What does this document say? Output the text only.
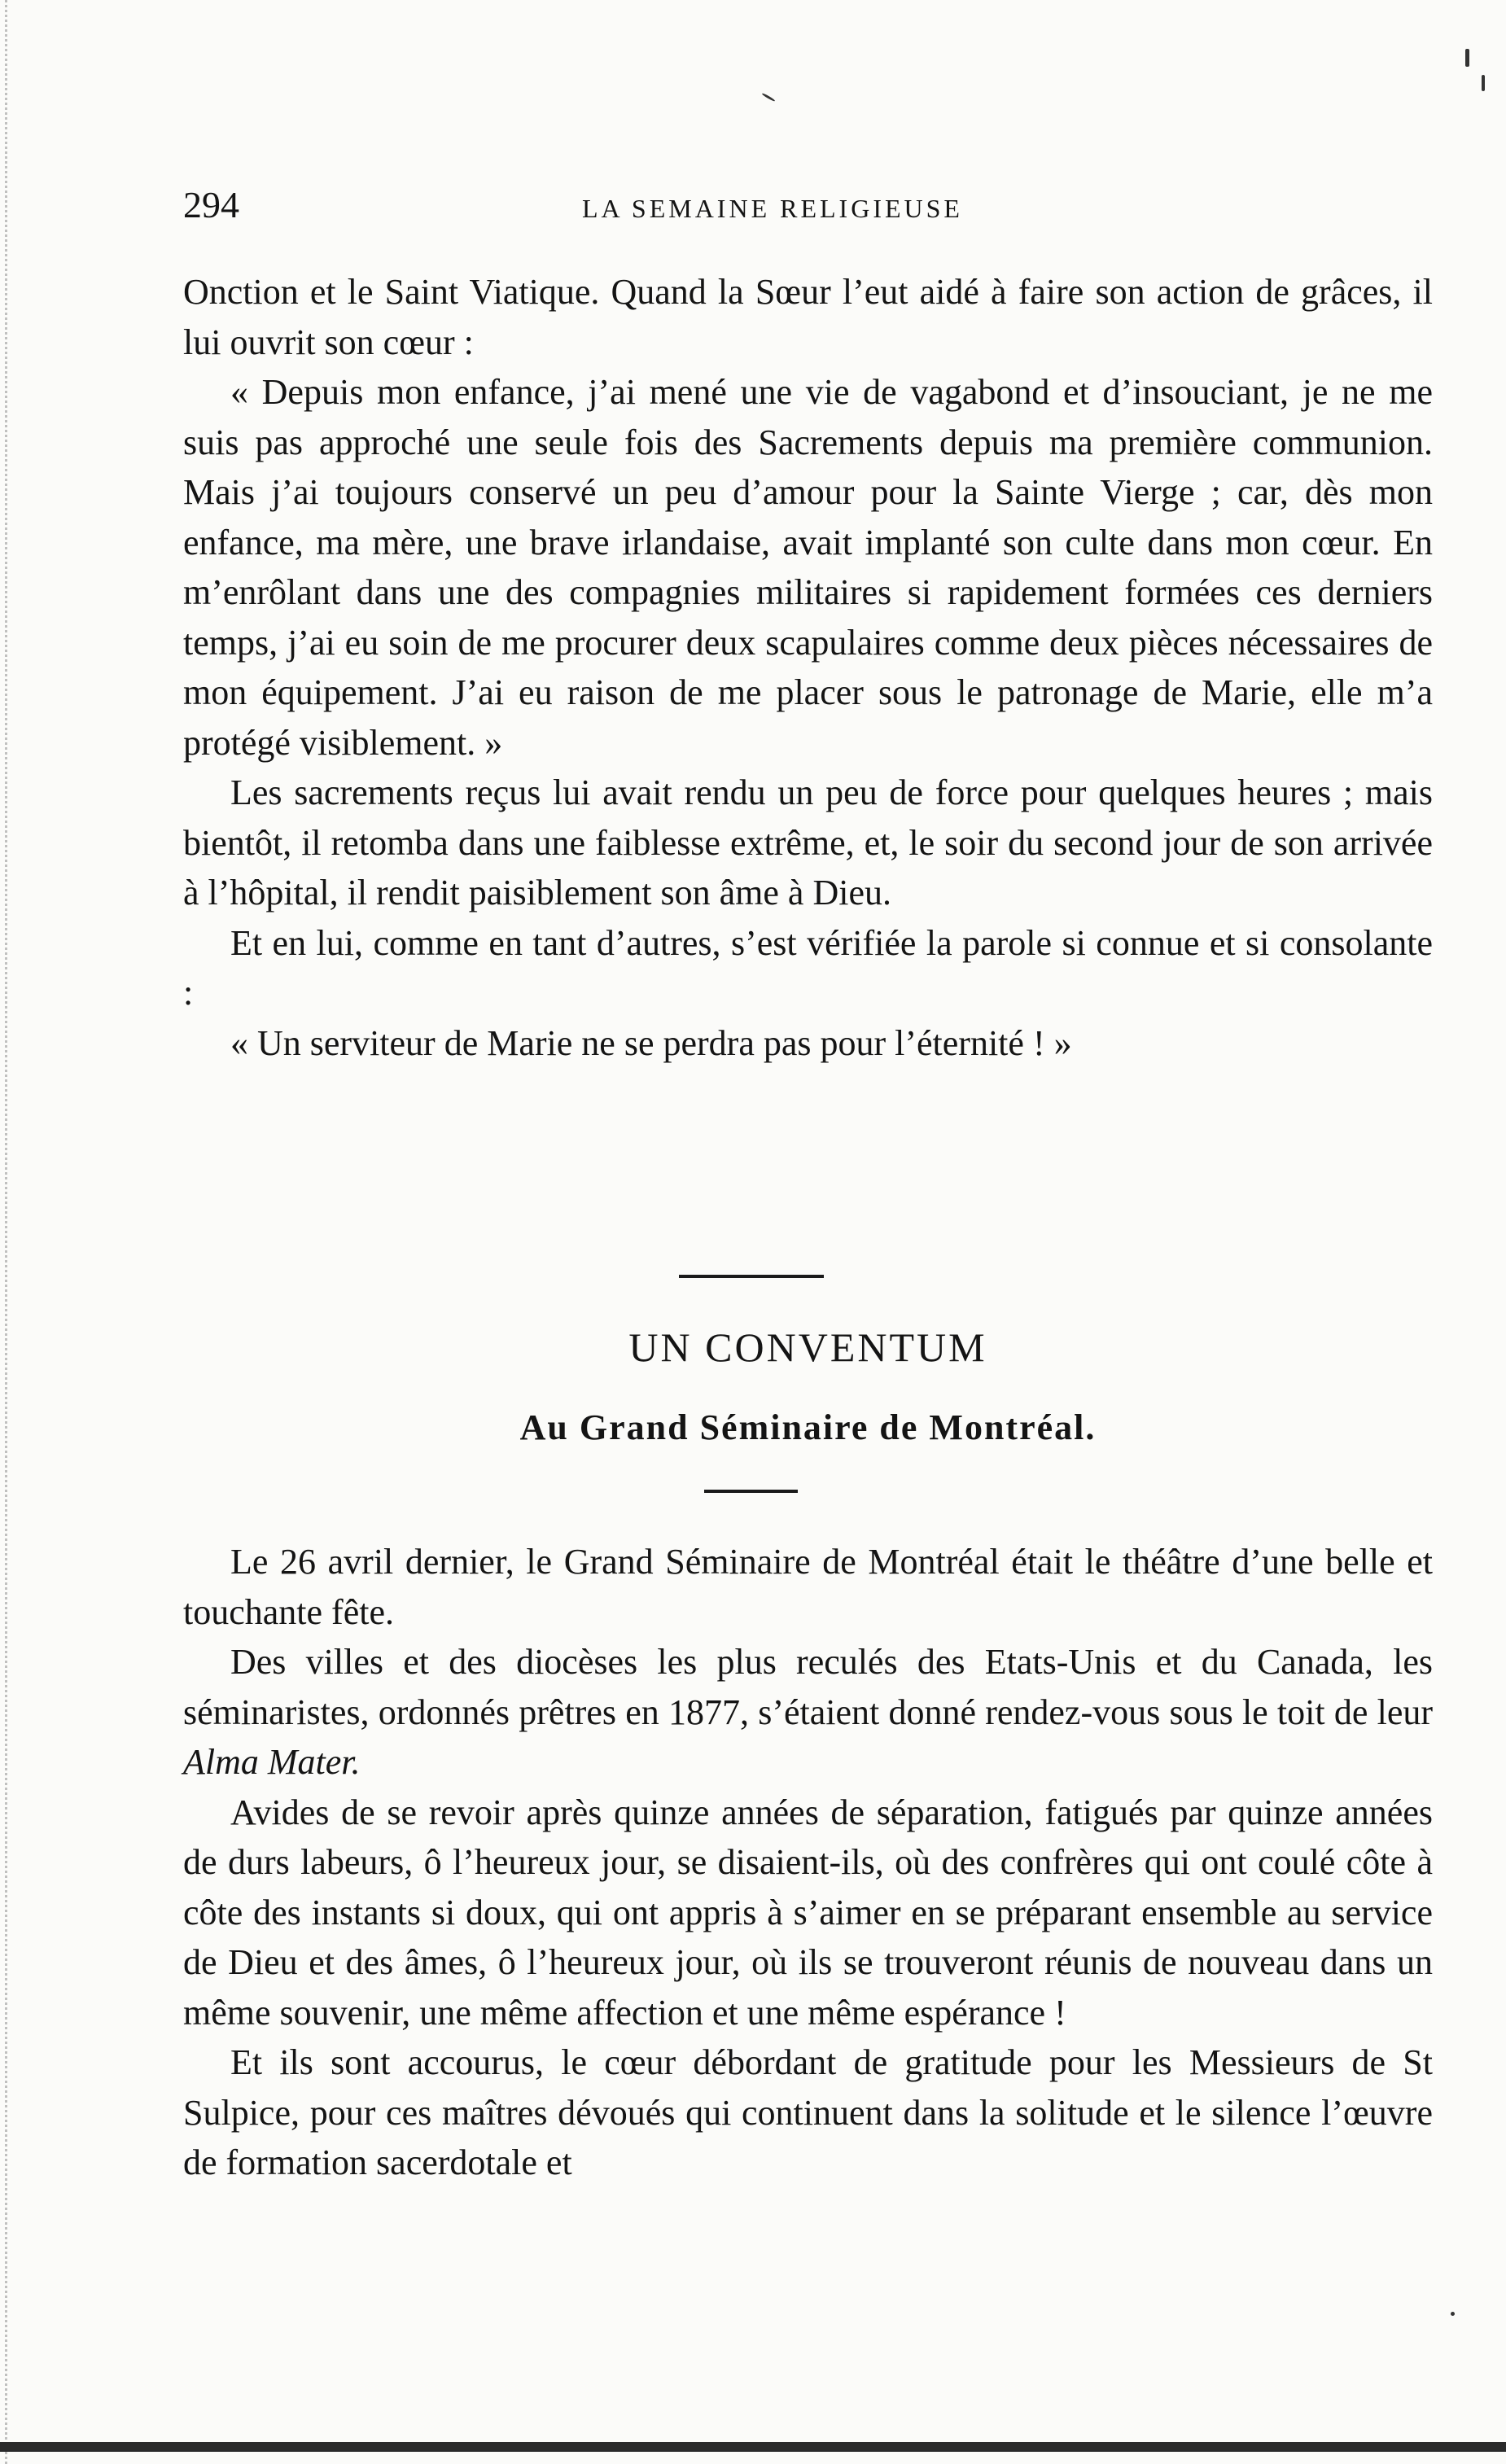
294	LA SEMAINE RELIGIEUSE

Onction et le Saint Viatique. Quand la Sœur l’eut aidé à faire son action de grâces, il lui ouvrit son cœur :

« Depuis mon enfance, j’ai mené une vie de vagabond et d’insouciant, je ne me suis pas approché une seule fois des Sacrements depuis ma première communion. Mais j’ai toujours conservé un peu d’amour pour la Sainte Vierge ; car, dès mon enfance, ma mère, une brave irlandaise, avait implanté son culte dans mon cœur. En m’enrôlant dans une des compagnies militaires si rapidement formées ces derniers temps, j’ai eu soin de me procurer deux scapulaires comme deux pièces nécessaires de mon équipement. J’ai eu raison de me placer sous le patronage de Marie, elle m’a protégé visiblement. »

Les sacrements reçus lui avait rendu un peu de force pour quelques heures ; mais bientôt, il retomba dans une faiblesse extrême, et, le soir du second jour de son arrivée à l’hôpital, il rendit paisiblement son âme à Dieu.

Et en lui, comme en tant d’autres, s’est vérifiée la parole si connue et si consolante :

« Un serviteur de Marie ne se perdra pas pour l’éternité ! »

UN CONVENTUM
Au Grand Séminaire de Montréal.

Le 26 avril dernier, le Grand Séminaire de Montréal était le théâtre d’une belle et touchante fête.

Des villes et des diocèses les plus reculés des Etats-Unis et du Canada, les séminaristes, ordonnés prêtres en 1877, s’étaient donné rendez-vous sous le toit de leur Alma Mater.

Avides de se revoir après quinze années de séparation, fatigués par quinze années de durs labeurs, ô l’heureux jour, se disaient-ils, où des confrères qui ont coulé côte à côte des instants si doux, qui ont appris à s’aimer en se préparant ensemble au service de Dieu et des âmes, ô l’heureux jour, où ils se trouveront réunis de nouveau dans un même souvenir, une même affection et une même espérance !

Et ils sont accourus, le cœur débordant de gratitude pour les Messieurs de St Sulpice, pour ces maîtres dévoués qui continuent dans la solitude et le silence l’œuvre de formation sacerdotale et
